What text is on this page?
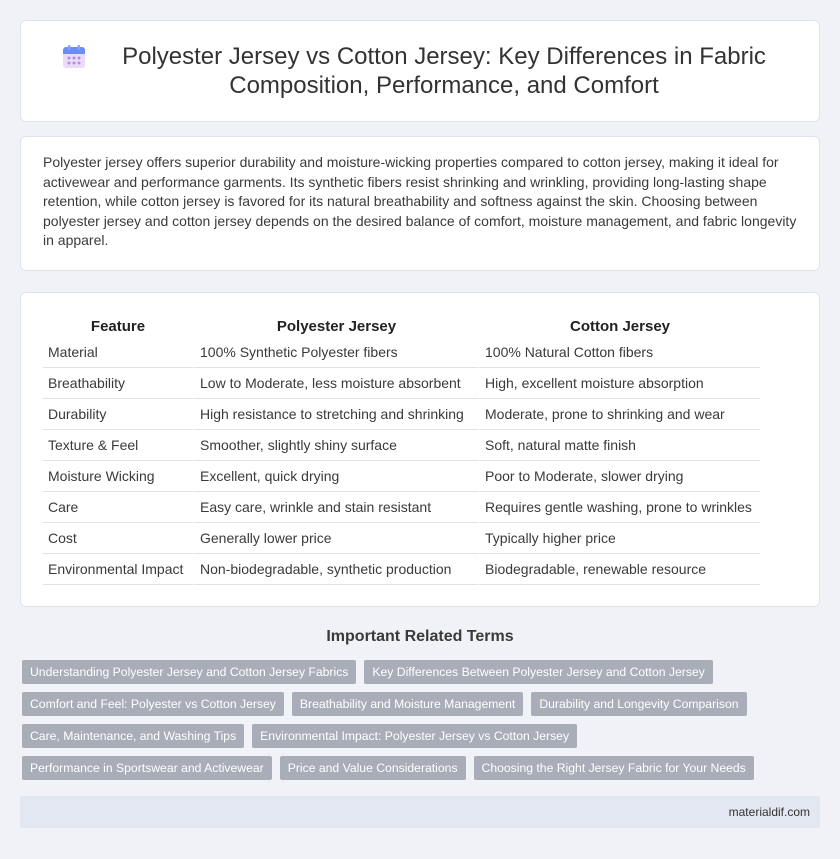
Polyester Jersey vs Cotton Jersey: Key Differences in Fabric Composition, Performance, and Comfort

Polyester jersey offers superior durability and moisture-wicking properties compared to cotton jersey, making it ideal for activewear and performance garments. Its synthetic fibers resist shrinking and wrinkling, providing long-lasting shape retention, while cotton jersey is favored for its natural breathability and softness against the skin. Choosing between polyester jersey and cotton jersey depends on the desired balance of comfort, moisture management, and fabric longevity in apparel.

Feature	Polyester Jersey	Cotton Jersey
Material	100% Synthetic Polyester fibers	100% Natural Cotton fibers
Breathability	Low to Moderate, less moisture absorbent	High, excellent moisture absorption
Durability	High resistance to stretching and shrinking	Moderate, prone to shrinking and wear
Texture & Feel	Smoother, slightly shiny surface	Soft, natural matte finish
Moisture Wicking	Excellent, quick drying	Poor to Moderate, slower drying
Care	Easy care, wrinkle and stain resistant	Requires gentle washing, prone to wrinkles
Cost	Generally lower price	Typically higher price
Environmental Impact	Non-biodegradable, synthetic production	Biodegradable, renewable resource
Important Related Terms
Understanding Polyester Jersey and Cotton Jersey Fabrics	Key Differences Between Polyester Jersey and Cotton Jersey
Comfort and Feel: Polyester vs Cotton Jersey	Breathability and Moisture Management	Durability and Longevity Comparison
Care, Maintenance, and Washing Tips	Environmental Impact: Polyester Jersey vs Cotton Jersey
Performance in Sportswear and Activewear	Price and Value Considerations	Choosing the Right Jersey Fabric for Your Needs
materialdif.com
